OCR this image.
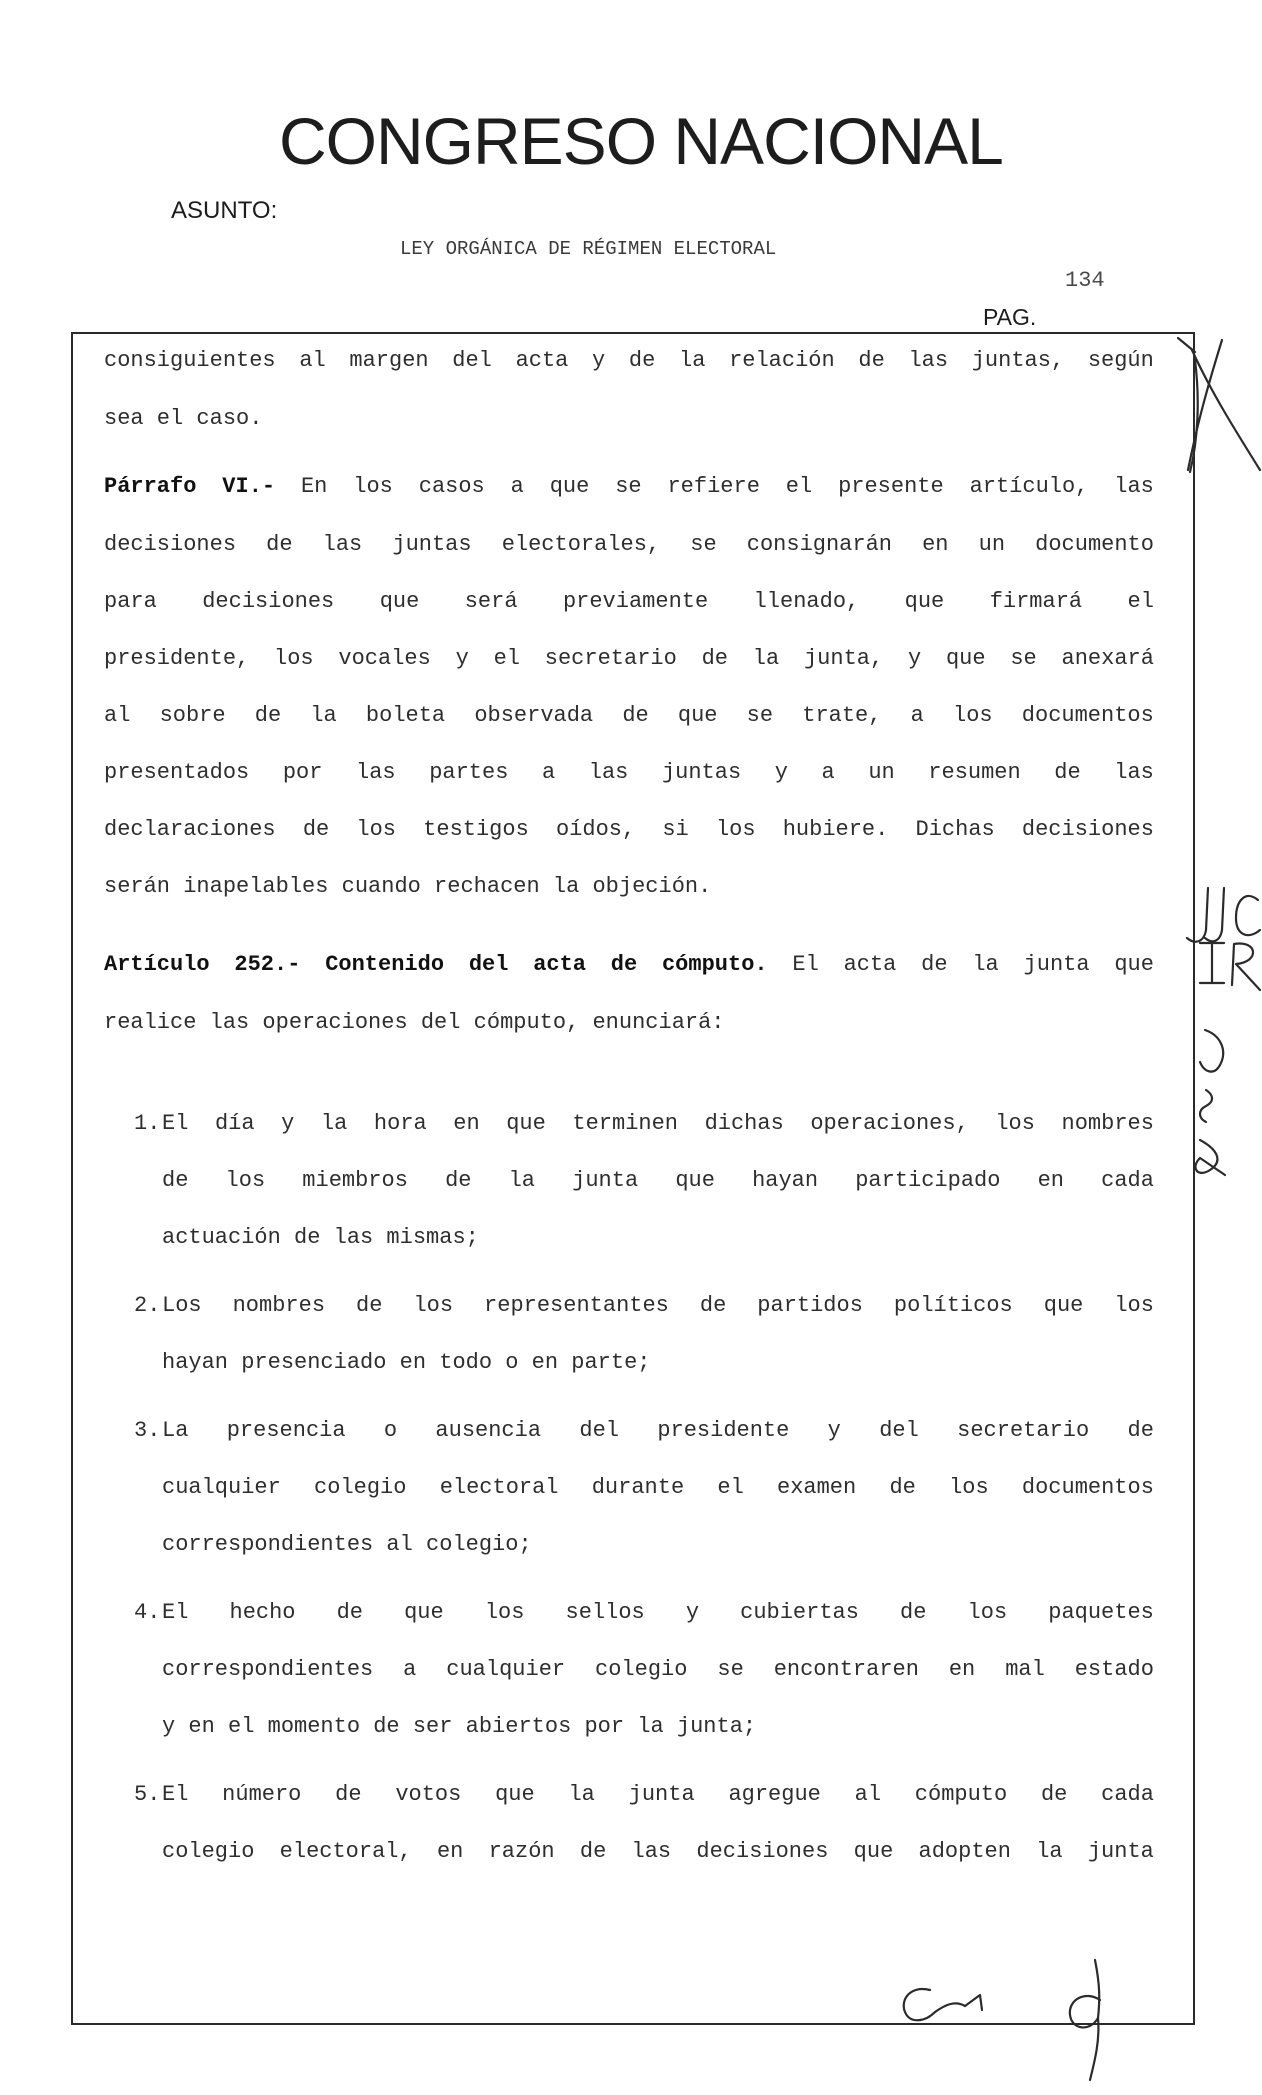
CONGRESO NACIONAL
ASUNTO:
LEY ORGÁNICA DE RÉGIMEN ELECTORAL
134
PAG.
consiguientes al margen del acta y de la relación de las juntas, según
sea el caso.
Párrafo VI.- En los casos a que se refiere el presente artículo, las
decisiones de las juntas electorales, se consignarán en un documento
para decisiones que será previamente llenado, que firmará el
presidente, los vocales y el secretario de la junta, y que se anexará
al sobre de la boleta observada de que se trate, a los documentos
presentados por las partes a las juntas y a un resumen de las
declaraciones de los testigos oídos, si los hubiere. Dichas decisiones
serán inapelables cuando rechacen la objeción.
Artículo 252.- Contenido del acta de cómputo. El acta de la junta que
realice las operaciones del cómputo, enunciará:
1. El día y la hora en que terminen dichas operaciones, los nombres
de los miembros de la junta que hayan participado en cada
actuación de las mismas;
2. Los nombres de los representantes de partidos políticos que los
hayan presenciado en todo o en parte;
3. La presencia o ausencia del presidente y del secretario de
cualquier colegio electoral durante el examen de los documentos
correspondientes al colegio;
4. El hecho de que los sellos y cubiertas de los paquetes
correspondientes a cualquier colegio se encontraren en mal estado
y en el momento de ser abiertos por la junta;
5. El número de votos que la junta agregue al cómputo de cada
colegio electoral, en razón de las decisiones que adopten la junta
